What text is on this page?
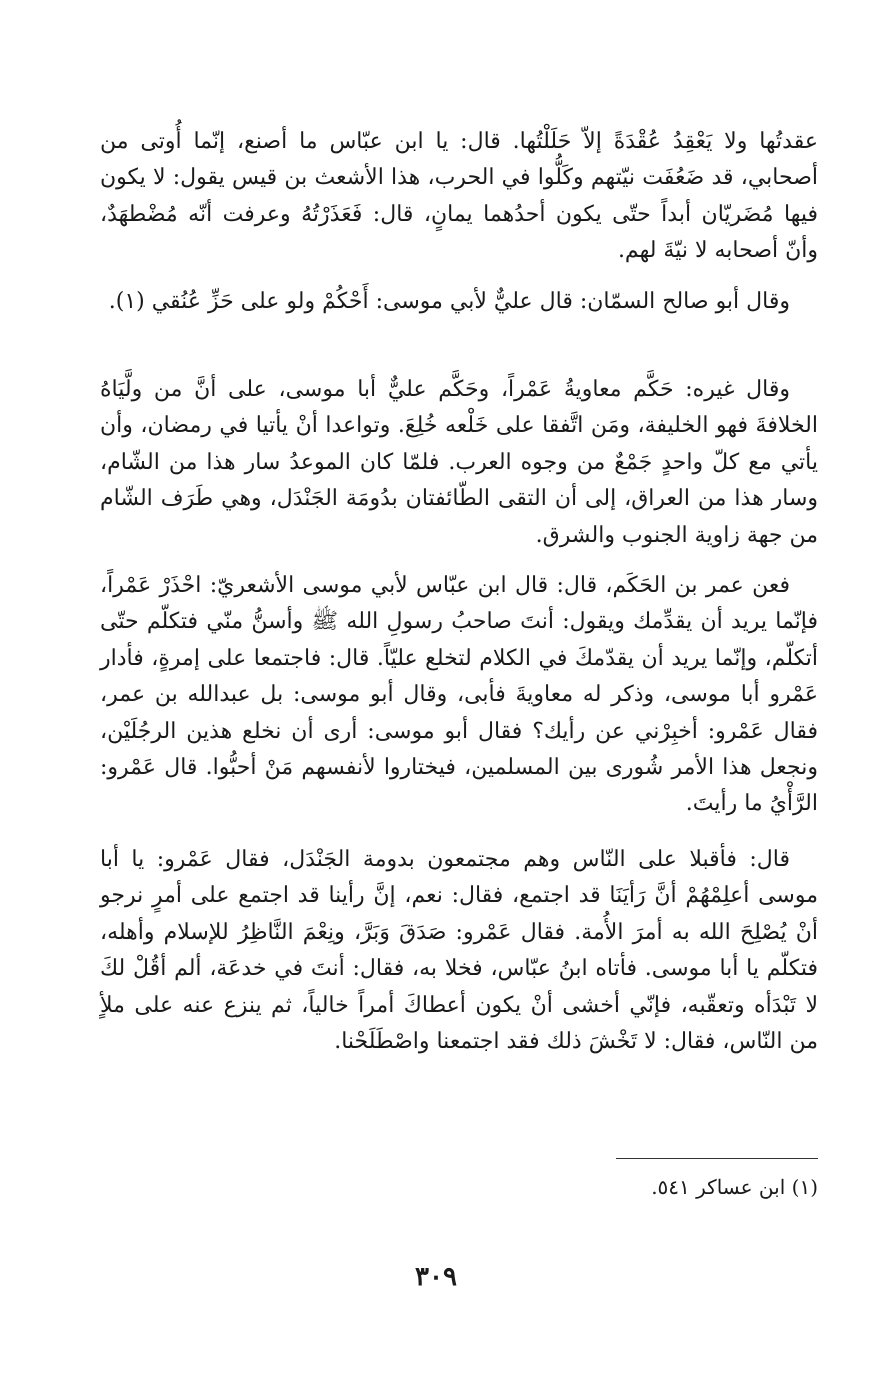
عقدتُها ولا يَعْقِدُ عُقْدَةً إلاّ حَلَلْتُها. قال: يا ابن عبّاس ما أصنع، إنّما أُوتى من أصحابي، قد ضَعُفَت نيّتهم وكَلُّوا في الحرب، هذا الأشعث بن قيس يقول: لا يكون فيها مُضَريّان أبداً حتّى يكون أحدُهما يمانٍ، قال: فَعَذَرْتُهُ وعرفت أنّه مُضْطهَدٌ، وأنّ أصحابه لا نيّةَ لهم.

وقال أبو صالح السمّان: قال عليٌّ لأبي موسى: أَحْكُمْ ولو على حَزِّ عُنُقي (١).

وقال غيره: حَكَّم معاويةُ عَمْراً، وحَكَّم عليٌّ أبا موسى، على أنَّ من ولَّيَاهُ الخلافةَ فهو الخليفة، ومَن اتَّفقا على خَلْعه خُلِعَ. وتواعدا أنْ يأتيا في رمضان، وأن يأتي مع كلّ واحدٍ جَمْعٌ من وجوه العرب. فلمّا كان الموعدُ سار هذا من الشّام، وسار هذا من العراق، إلى أن التقى الطّائفتان بدُومَة الجَنْدَل، وهي طَرَف الشّام من جهة زاوية الجنوب والشرق.

فعن عمر بن الحَكَم، قال: قال ابن عبّاس لأبي موسى الأشعريّ: احْذَرْ عَمْراً، فإنّما يريد أن يقدِّمك ويقول: أنتَ صاحبُ رسولِ الله ﷺ وأسنُّ منّي فتكلّم حتّى أتكلّم، وإنّما يريد أن يقدّمكَ في الكلام لتخلع عليّاً. قال: فاجتمعا على إمرةٍ، فأدار عَمْرو أبا موسى، وذكر له معاويةَ فأبى، وقال أبو موسى: بل عبدالله بن عمر، فقال عَمْرو: أخبِرْني عن رأيك؟ فقال أبو موسى: أرى أن نخلع هذين الرجُلَيْن، ونجعل هذا الأمر شُورى بين المسلمين، فيختاروا لأنفسهم مَنْ أحبُّوا. قال عَمْرو: الرَّأْيُ ما رأيتَ.

قال: فأقبلا على النّاس وهم مجتمعون بدومة الجَنْدَل، فقال عَمْرو: يا أبا موسى أعلِمْهُمْ أنَّ رَأيَنَا قد اجتمع، فقال: نعم، إنَّ رأينا قد اجتمع على أمرٍ نرجو أنْ يُصْلِحَ الله به أمرَ الأُمة. فقال عَمْرو: صَدَقَ وَبَرَّ، ونِعْمَ النَّاظِرُ للإسلام وأهله، فتكلّم يا أبا موسى. فأتاه ابنُ عبّاس، فخلا به، فقال: أنتَ في خدعَة، ألم أقُلْ لكَ لا تَبْدَأه وتعقّبه، فإنّي أخشى أنْ يكون أعطاكَ أمراً خالياً، ثم ينزع عنه على ملأٍ من النّاس، فقال: لا تَخْشَ ذلك فقد اجتمعنا واصْطَلَحْنا.

(١) ابن عساكر ٥٤١.
٣٠٩
